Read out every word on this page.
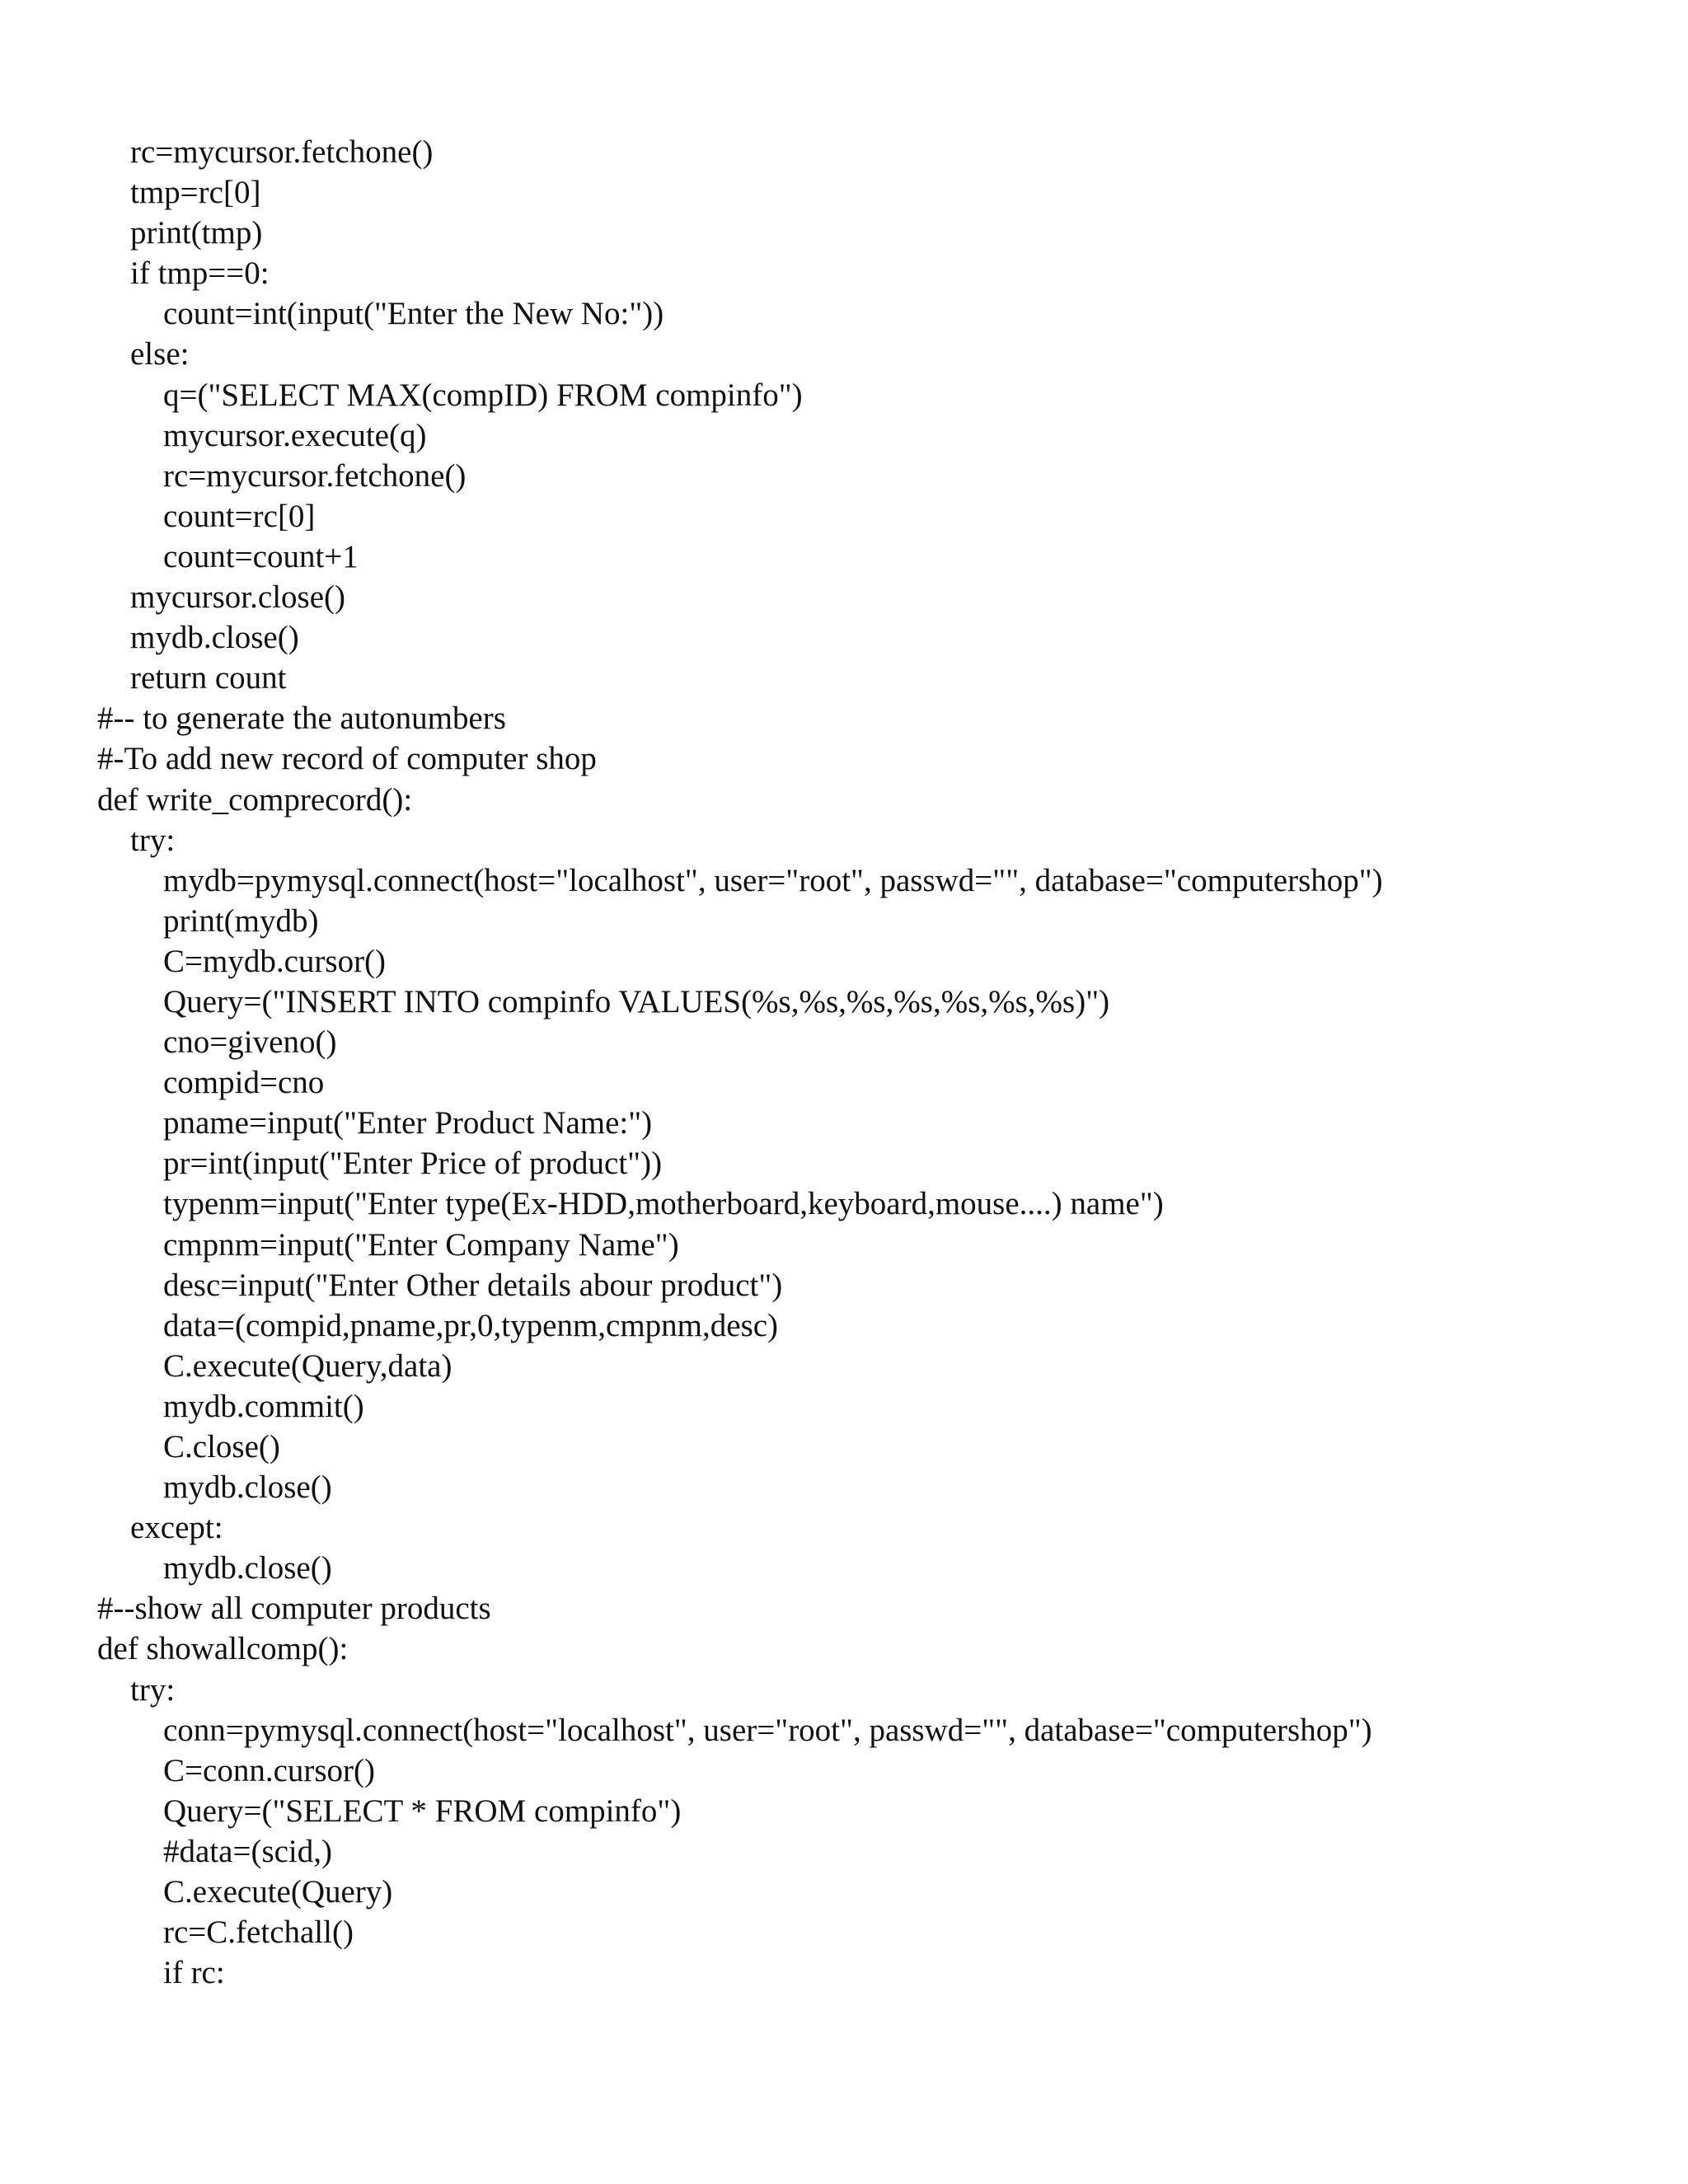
rc=mycursor.fetchone()
tmp=rc[0]
print(tmp)
if tmp==0:
count=int(input("Enter the New No:"))
else:
q=("SELECT MAX(compID) FROM compinfo")
mycursor.execute(q)
rc=mycursor.fetchone()
count=rc[0]
count=count+1
mycursor.close()
mydb.close()
return count
#-- to generate the autonumbers
#-To add new record of computer shop
def write_comprecord():
try:
mydb=pymysql.connect(host="localhost", user="root", passwd="", database="computershop")
print(mydb)
C=mydb.cursor()
Query=("INSERT INTO compinfo VALUES(%s,%s,%s,%s,%s,%s,%s)")
cno=giveno()
compid=cno
pname=input("Enter Product Name:")
pr=int(input("Enter Price of product"))
typenm=input("Enter type(Ex-HDD,motherboard,keyboard,mouse....) name")
cmpnm=input("Enter Company Name")
desc=input("Enter Other details abour product")
data=(compid,pname,pr,0,typenm,cmpnm,desc)
C.execute(Query,data)
mydb.commit()
C.close()
mydb.close()
except:
mydb.close()
#--show all computer products
def showallcomp():
try:
conn=pymysql.connect(host="localhost", user="root", passwd="", database="computershop")
C=conn.cursor()
Query=("SELECT * FROM compinfo")
#data=(scid,)
C.execute(Query)
rc=C.fetchall()
if rc:
